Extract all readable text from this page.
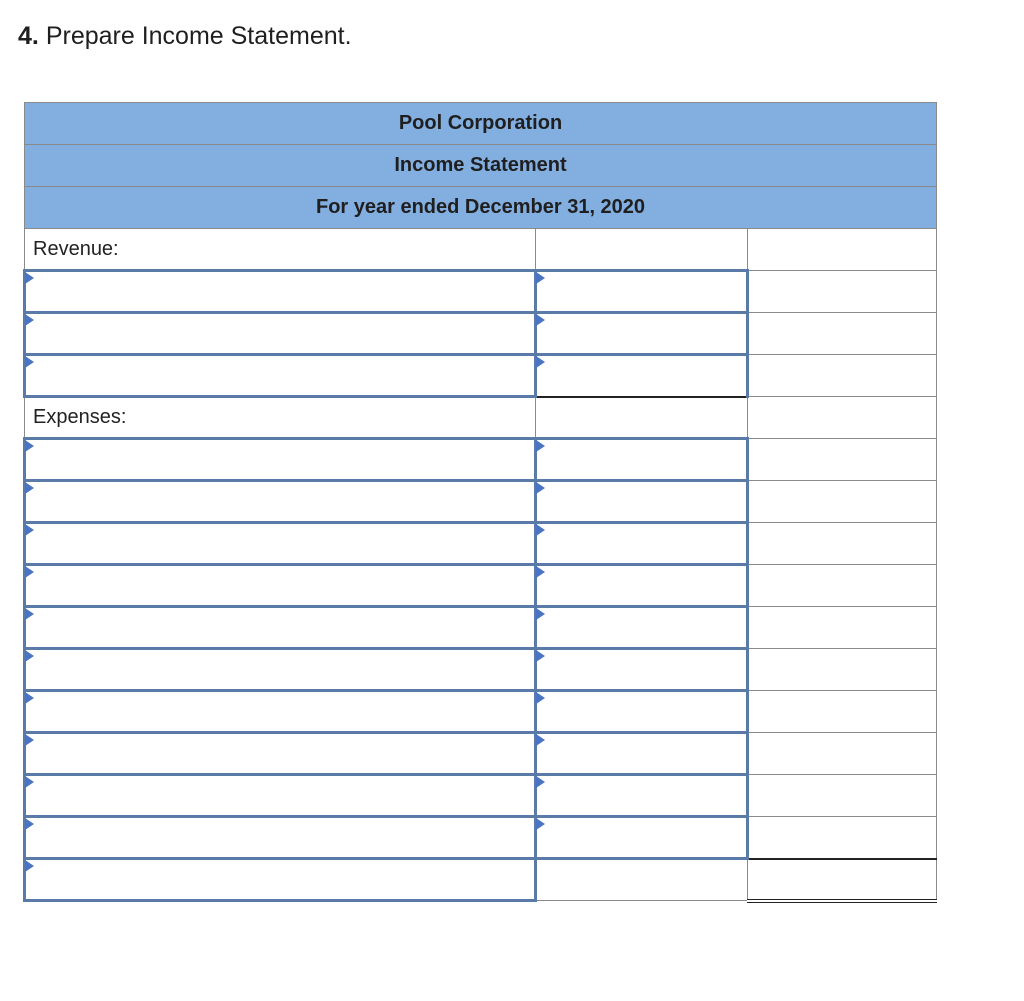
4. Prepare Income Statement.
Pool Corporation		
Income Statement		
For year ended December 31, 2020		
Revenue:		

Expenses:		
